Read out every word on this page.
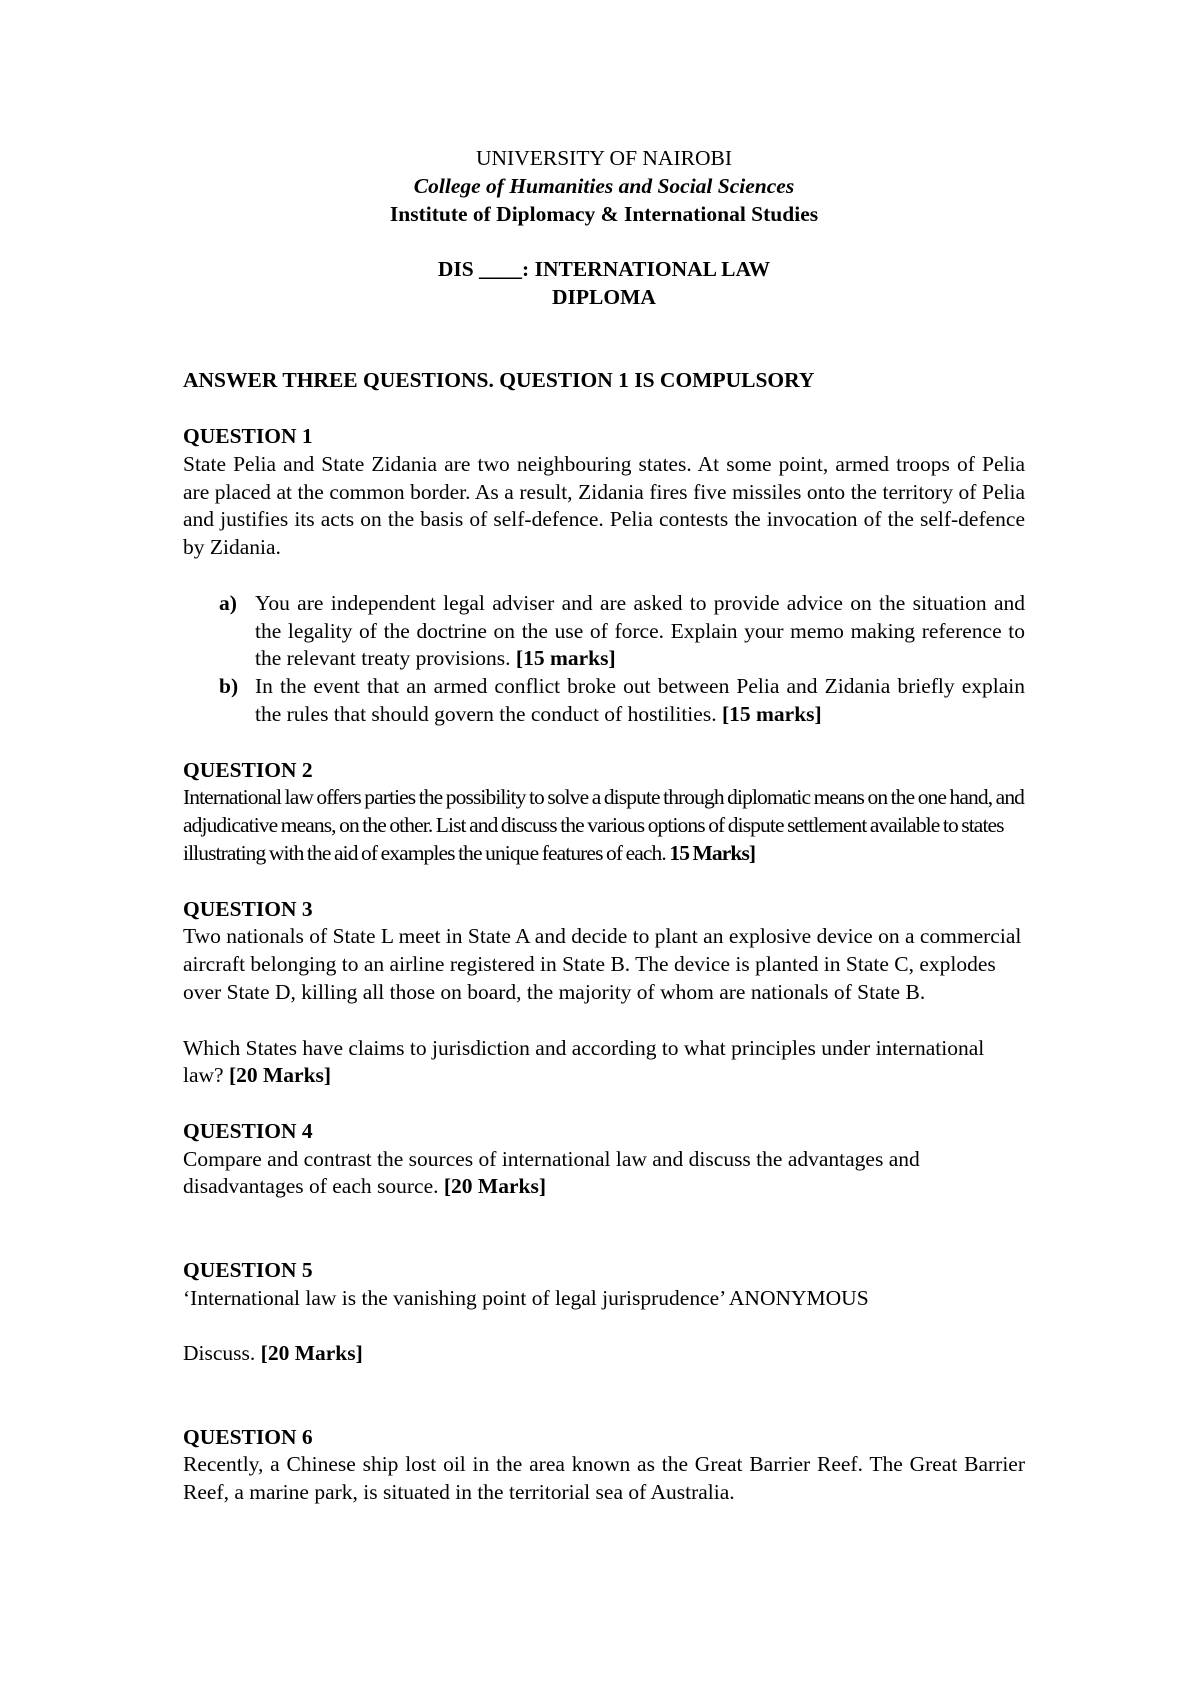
UNIVERSITY OF NAIROBI

College of Humanities and Social Sciences

Institute of Diplomacy & International Studies

DIS ____: INTERNATIONAL LAW

DIPLOMA

ANSWER THREE QUESTIONS. QUESTION 1 IS COMPULSORY

QUESTION 1

State Pelia and State Zidania are two neighbouring states. At some point, armed troops of Pelia are placed at the common border. As a result, Zidania fires five missiles onto the territory of Pelia and justifies its acts on the basis of self-defence. Pelia contests the invocation of the self-defence by Zidania.

a) You are independent legal adviser and are asked to provide advice on the situation and the legality of the doctrine on the use of force. Explain your memo making reference to the relevant treaty provisions. [15 marks]
b) In the event that an armed conflict broke out between Pelia and Zidania briefly explain the rules that should govern the conduct of hostilities. [15 marks]

QUESTION 2

International law offers parties the possibility to solve a dispute through diplomatic means on the one hand, and adjudicative means, on the other. List and discuss the various options of dispute settlement available to states illustrating with the aid of examples the unique features of each. 15 Marks]

QUESTION 3

Two nationals of State L meet in State A and decide to plant an explosive device on a commercial aircraft belonging to an airline registered in State B. The device is planted in State C, explodes over State D, killing all those on board, the majority of whom are nationals of State B.

Which States have claims to jurisdiction and according to what principles under international law? [20 Marks]

QUESTION 4

Compare and contrast the sources of international law and discuss the advantages and disadvantages of each source. [20 Marks]

QUESTION 5

‘International law is the vanishing point of legal jurisprudence’ ANONYMOUS

Discuss. [20 Marks]

QUESTION 6

Recently, a Chinese ship lost oil in the area known as the Great Barrier Reef. The Great Barrier Reef, a marine park, is situated in the territorial sea of Australia.
